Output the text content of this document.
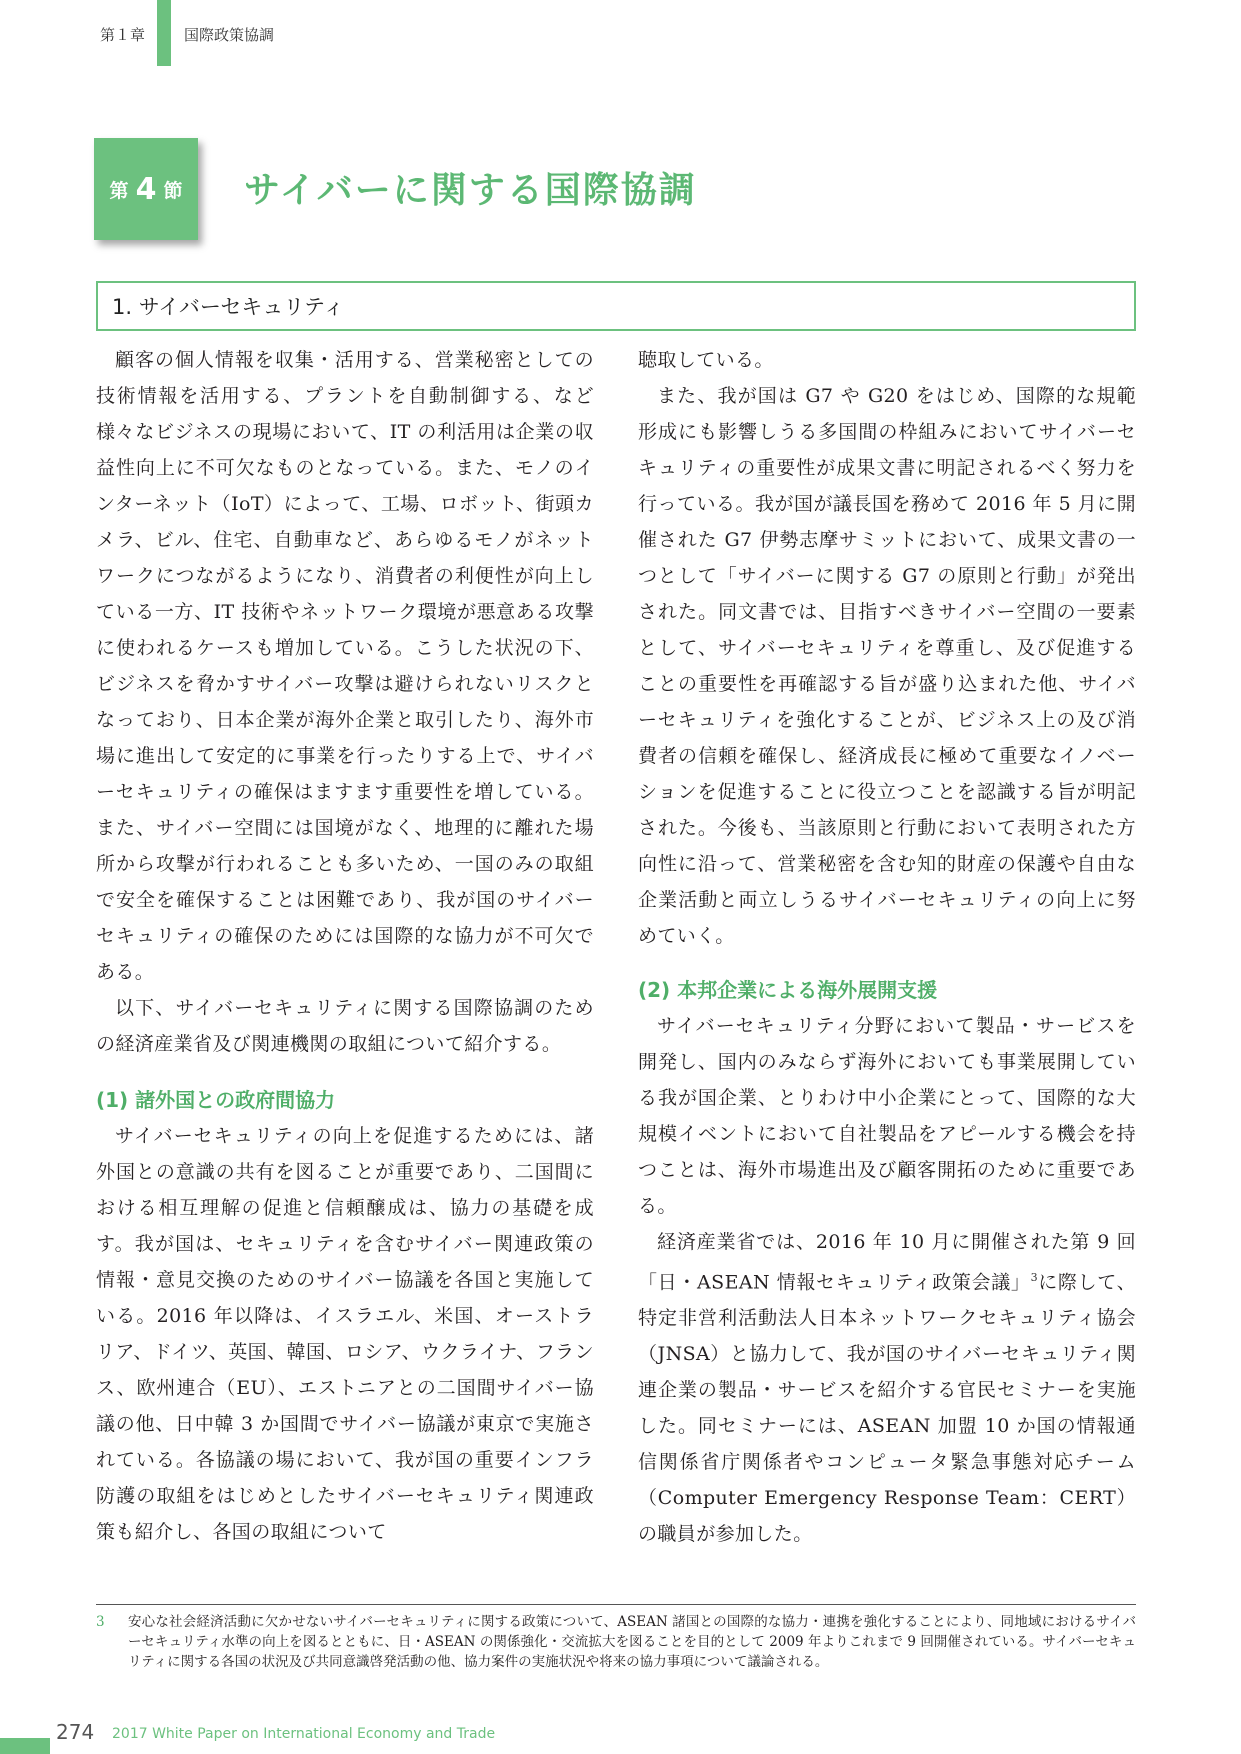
第１章	国際政策協調
第 4 節 サイバーに関する国際協調
1. サイバーセキュリティ

顧客の個人情報を収集・活用する、営業秘密としての技術情報を活用する、プラントを自動制御する、など様々なビジネスの現場において、IT の利活用は企業の収益性向上に不可欠なものとなっている。また、モノのインターネット（IoT）によって、工場、ロボット、街頭カメラ、ビル、住宅、自動車など、あらゆるモノがネットワークにつながるようになり、消費者の利便性が向上している一方、IT 技術やネットワーク環境が悪意ある攻撃に使われるケースも増加している。こうした状況の下、ビジネスを脅かすサイバー攻撃は避けられないリスクとなっており、日本企業が海外企業と取引したり、海外市場に進出して安定的に事業を行ったりする上で、サイバーセキュリティの確保はますます重要性を増している。また、サイバー空間には国境がなく、地理的に離れた場所から攻撃が行われることも多いため、一国のみの取組で安全を確保することは困難であり、我が国のサイバーセキュリティの確保のためには国際的な協力が不可欠である。

以下、サイバーセキュリティに関する国際協調のための経済産業省及び関連機関の取組について紹介する。

(1) 諸外国との政府間協力

サイバーセキュリティの向上を促進するためには、諸外国との意識の共有を図ることが重要であり、二国間における相互理解の促進と信頼醸成は、協力の基礎を成す。我が国は、セキュリティを含むサイバー関連政策の情報・意見交換のためのサイバー協議を各国と実施している。2016 年以降は、イスラエル、米国、オーストラリア、ドイツ、英国、韓国、ロシア、ウクライナ、フランス、欧州連合（EU）、エストニアとの二国間サイバー協議の他、日中韓 3 か国間でサイバー協議が東京で実施されている。各協議の場において、我が国の重要インフラ防護の取組をはじめとしたサイバーセキュリティ関連政策も紹介し、各国の取組について

聴取している。

また、我が国は G7 や G20 をはじめ、国際的な規範形成にも影響しうる多国間の枠組みにおいてサイバーセキュリティの重要性が成果文書に明記されるべく努力を行っている。我が国が議長国を務めて 2016 年 5 月に開催された G7 伊勢志摩サミットにおいて、成果文書の一つとして「サイバーに関する G7 の原則と行動」が発出された。同文書では、目指すべきサイバー空間の一要素として、サイバーセキュリティを尊重し、及び促進することの重要性を再確認する旨が盛り込まれた他、サイバーセキュリティを強化することが、ビジネス上の及び消費者の信頼を確保し、経済成長に極めて重要なイノベーションを促進することに役立つことを認識する旨が明記された。今後も、当該原則と行動において表明された方向性に沿って、営業秘密を含む知的財産の保護や自由な企業活動と両立しうるサイバーセキュリティの向上に努めていく。

(2) 本邦企業による海外展開支援

サイバーセキュリティ分野において製品・サービスを開発し、国内のみならず海外においても事業展開している我が国企業、とりわけ中小企業にとって、国際的な大規模イベントにおいて自社製品をアピールする機会を持つことは、海外市場進出及び顧客開拓のために重要である。

経済産業省では、2016 年 10 月に開催された第 9 回「日・ASEAN 情報セキュリティ政策会議」$^3$に際して、特定非営利活動法人日本ネットワークセキュリティ協会（JNSA）と協力して、我が国のサイバーセキュリティ関連企業の製品・サービスを紹介する官民セミナーを実施した。同セミナーには、ASEAN 加盟 10 か国の情報通信関係省庁関係者やコンピュータ緊急事態対応チーム（Computer Emergency Response Team：CERT）の職員が参加した。

3 安心な社会経済活動に欠かせないサイバーセキュリティに関する政策について、ASEAN 諸国との国際的な協力・連携を強化することにより、同地域におけるサイバーセキュリティ水準の向上を図るとともに、日・ASEAN の関係強化・交流拡大を図ることを目的として 2009 年よりこれまで 9 回開催されている。サイバーセキュリティに関する各国の状況及び共同意識啓発活動の他、協力案件の実施状況や将来の協力事項について議論される。
274 2017 White Paper on International Economy and Trade
